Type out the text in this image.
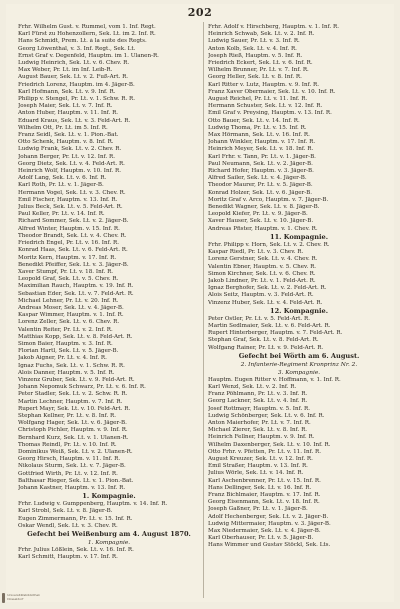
202
Frhr. Wilhelm Gust. v. Rummel, vom 1. Inf. Regt.
Karl Fürst zu Hohenzollern, Sek. Lt. im 2. Inf. R.
Hans Schmidt, Prem. Lt. à la suite des Regts.
Georg Löwenthal, v. 3. Inf. Regt., Sek. Lt.
Ernst Graf v. Degenfeld, Hauptm. im 1. Ulanen-R.
Ludwig Heinrich, Sek. Lt. v. 6. Chev. R.
Max Weber, Pr. Lt. im Inf. Leib-R.
August Bauer, Sek. Lt. v. 2. Fuß-Art. R.
Friedrich Lorenz, Hauptm. im 4. Jäger-B.
Karl Hofmann, Sek. Lt. v. 9. Inf. R.
Philipp v. Stengel, Pr. Lt. v. 1. Schw. R. R.
Joseph Maier, Sek. Lt. v. 7. Inf. R.
Anton Huber, Hauptm. v. 11. Inf. R.
Eduard Kraus, Sek. Lt. v. 3. Feld-Art. R.
Wilhelm Ott, Pr. Lt. im 5. Inf. R.
Franz Seidl, Sek. Lt. v. 1. Pion.-Bat.
Otto Schenk, Hauptm. v. 8. Inf. R.
Ludwig Frank, Sek. Lt. v. 2. Chev. R.
Johann Berger, Pr. Lt. v. 12. Inf. R.
Georg Dietz, Sek. Lt. v. 4. Feld-Art. R.
Heinrich Wolf, Hauptm. v. 10. Inf. R.
Adolf Lang, Sek. Lt. v. 6. Inf. R.
Karl Roth, Pr. Lt. v. 1. Jäger-B.
Hermann Vogel, Sek. Lt. v. 3. Chev. R.
Emil Fischer, Hauptm. v. 13. Inf. R.
Julius Beck, Sek. Lt. v. 5. Feld-Art. R.
Paul Keller, Pr. Lt. v. 14. Inf. R.
Richard Sommer, Sek. Lt. v. 2. Jäger-B.
Alfred Winter, Hauptm. v. 15. Inf. R.
Theodor Brandt, Sek. Lt. v. 4. Chev. R.
Friedrich Engel, Pr. Lt. v. 16. Inf. R.
Konrad Haas, Sek. Lt. v. 6. Feld-Art. R.
Moritz Kern, Hauptm. v. 17. Inf. R.
Benedikt Pfeiffer, Sek. Lt. v. 3. Jäger-B.
Xaver Stumpf, Pr. Lt. v. 18. Inf. R.
Leopold Graf, Sek. Lt. v. 5. Chev. R.
Maximilian Rauch, Hauptm. v. 19. Inf. R.
Sebastian Eder, Sek. Lt. v. 7. Feld-Art. R.
Michael Lehner, Pr. Lt. v. 20. Inf. R.
Andreas Moser, Sek. Lt. v. 4. Jäger-B.
Kaspar Wimmer, Hauptm. v. 1. Inf. R.
Lorenz Zeller, Sek. Lt. v. 6. Chev. R.
Valentin Reiter, Pr. Lt. v. 2. Inf. R.
Matthias Kopp, Sek. Lt. v. 8. Feld-Art. R.
Simon Baier, Hauptm. v. 3. Inf. R.
Florian Hartl, Sek. Lt. v. 5. Jäger-B.
Jakob Aigner, Pr. Lt. v. 4. Inf. R.
Ignaz Fuchs, Sek. Lt. v. 1. Schw. R. R.
Alois Danner, Hauptm. v. 5. Inf. R.
Vinzenz Gruber, Sek. Lt. v. 9. Feld-Art. R.
Johann Nepomuk Schwarz, Pr. Lt. v. 6. Inf. R.
Peter Stadler, Sek. Lt. v. 2. Schw. R. R.
Martin Lechner, Hauptm. v. 7. Inf. R.
Rupert Mayr, Sek. Lt. v. 10. Feld-Art. R.
Stephan Kellner, Pr. Lt. v. 8. Inf. R.
Wolfgang Hager, Sek. Lt. v. 6. Jäger-B.
Christoph Pichler, Hauptm. v. 9. Inf. R.
Bernhard Kurz, Sek. Lt. v. 1. Ulanen-R.
Thomas Reindl, Pr. Lt. v. 10. Inf. R.
Dominikus Weiß, Sek. Lt. v. 2. Ulanen-R.
Georg Hirsch, Hauptm. v. 11. Inf. R.
Nikolaus Sturm, Sek. Lt. v. 7. Jäger-B.
Gottfried Wirth, Pr. Lt. v. 12. Inf. R.
Balthasar Rieger, Sek. Lt. v. 1. Pion.-Bat.
Johann Kastner, Hauptm. v. 13. Inf. R.
1. Kompagnie.
Frhr. Ludwig v. Gumppenberg, Hauptm. v. 14. Inf. R.
Karl Strobl, Sek. Lt. v. 8. Jäger-B.
Eugen Zimmermann, Pr. Lt. v. 15. Inf. R.
Oskar Wendl, Sek. Lt. v. 3. Chev. R.
Gefecht bei Weißenburg am 4. August 1870.
1. Kompagnie.
Frhr. Julius Lößlein, Sek. Lt. v. 16. Inf. R.
Karl Schmitt, Hauptm. v. 17. Inf. R.
Frhr. Adolf v. Hirschberg, Hauptm. v. 1. Inf. R.
Heinrich Schwab, Sek. Lt. v. 2. Inf. R.
Ludwig Sauer, Pr. Lt. v. 3. Inf. R.
Anton Kolb, Sek. Lt. v. 4. Inf. R.
Joseph Rieß, Hauptm. v. 5. Inf. R.
Friedrich Eckert, Sek. Lt. v. 6. Inf. R.
Wilhelm Brunner, Pr. Lt. v. 7. Inf. R.
Georg Heller, Sek. Lt. v. 8. Inf. R.
Karl Ritter v. Lutz, Hauptm. v. 9. Inf. R.
Franz Xaver Obermaier, Sek. Lt. v. 10. Inf. R.
August Reichel, Pr. Lt. v. 11. Inf. R.
Hermann Schuster, Sek. Lt. v. 12. Inf. R.
Emil Graf v. Preysing, Hauptm. v. 13. Inf. R.
Otto Bauer, Sek. Lt. v. 14. Inf. R.
Ludwig Thoma, Pr. Lt. v. 15. Inf. R.
Max Hörmann, Sek. Lt. v. 16. Inf. R.
Johann Winkler, Hauptm. v. 17. Inf. R.
Heinrich Meyer, Sek. Lt. v. 18. Inf. R.
Karl Frhr. v. Tann, Pr. Lt. v. 1. Jäger-B.
Paul Neumann, Sek. Lt. v. 2. Jäger-B.
Richard Hofer, Hauptm. v. 3. Jäger-B.
Alfred Sailer, Sek. Lt. v. 4. Jäger-B.
Theodor Maurer, Pr. Lt. v. 5. Jäger-B.
Konrad Holzer, Sek. Lt. v. 6. Jäger-B.
Moritz Graf v. Arco, Hauptm. v. 7. Jäger-B.
Benedikt Wagner, Sek. Lt. v. 8. Jäger-B.
Leopold Kiefer, Pr. Lt. v. 9. Jäger-B.
Xaver Hauser, Sek. Lt. v. 10. Jäger-B.
Andreas Pfister, Hauptm. v. 1. Chev. R.
11. Kompagnie.
Frhr. Philipp v. Horn, Sek. Lt. v. 2. Chev. R.
Kaspar Riedl, Pr. Lt. v. 3. Chev. R.
Lorenz Gerstner, Sek. Lt. v. 4. Chev. R.
Valentin Ebner, Hauptm. v. 5. Chev. R.
Simon Kirchner, Sek. Lt. v. 6. Chev. R.
Jakob Lindner, Pr. Lt. v. 1. Feld-Art. R.
Ignaz Berghofer, Sek. Lt. v. 2. Feld-Art. R.
Alois Seitz, Hauptm. v. 3. Feld-Art. R.
Vinzenz Huber, Sek. Lt. v. 4. Feld-Art. R.
12. Kompagnie.
Peter Ostler, Pr. Lt. v. 5. Feld-Art. R.
Martin Sedlmaier, Sek. Lt. v. 6. Feld-Art. R.
Rupert Hinterberger, Hauptm. v. 7. Feld-Art. R.
Stephan Graf, Sek. Lt. v. 8. Feld-Art. R.
Wolfgang Rainer, Pr. Lt. v. 9. Feld-Art. R.
Gefecht bei Wörth am 6. August.
2. Infanterie-Regiment Kronprinz Nr. 2.
3. Kompagnie.
Hauptm. Eugen Ritter v. Hoffmann, v. 1. Inf. R.
Karl Wenzl, Sek. Lt. v. 2. Inf. R.
Franz Pöhlmann, Pr. Lt. v. 3. Inf. R.
Georg Lackner, Sek. Lt. v. 4. Inf. R.
Josef Rottmayr, Hauptm. v. 5. Inf. R.
Ludwig Schönberger, Sek. Lt. v. 6. Inf. R.
Anton Maierhofer, Pr. Lt. v. 7. Inf. R.
Michael Zierer, Sek. Lt. v. 8. Inf. R.
Heinrich Fellner, Hauptm. v. 9. Inf. R.
Wilhelm Daxenberger, Sek. Lt. v. 10. Inf. R.
Otto Frhr. v. Pfetten, Pr. Lt. v. 11. Inf. R.
August Kreuzer, Sek. Lt. v. 12. Inf. R.
Emil Straßer, Hauptm. v. 13. Inf. R.
Julius Wörle, Sek. Lt. v. 14. Inf. R.
Karl Aschenbrenner, Pr. Lt. v. 15. Inf. R.
Hans Dellinger, Sek. Lt. v. 16. Inf. R.
Franz Bichlmaier, Hauptm. v. 17. Inf. R.
Georg Eisenmann, Sek. Lt. v. 18. Inf. R.
Joseph Gaßner, Pr. Lt. v. 1. Jäger-B.
Adolf Hechenberger, Sek. Lt. v. 2. Jäger-B.
Ludwig Mittermaier, Hauptm. v. 3. Jäger-B.
Max Niedermaier, Sek. Lt. v. 4. Jäger-B.
Karl Oberhauser, Pr. Lt. v. 5. Jäger-B.
Hans Wimmer und Gustav Stöckl, Sek. Lts.
Universitätsbibliothek
Düsseldorf
